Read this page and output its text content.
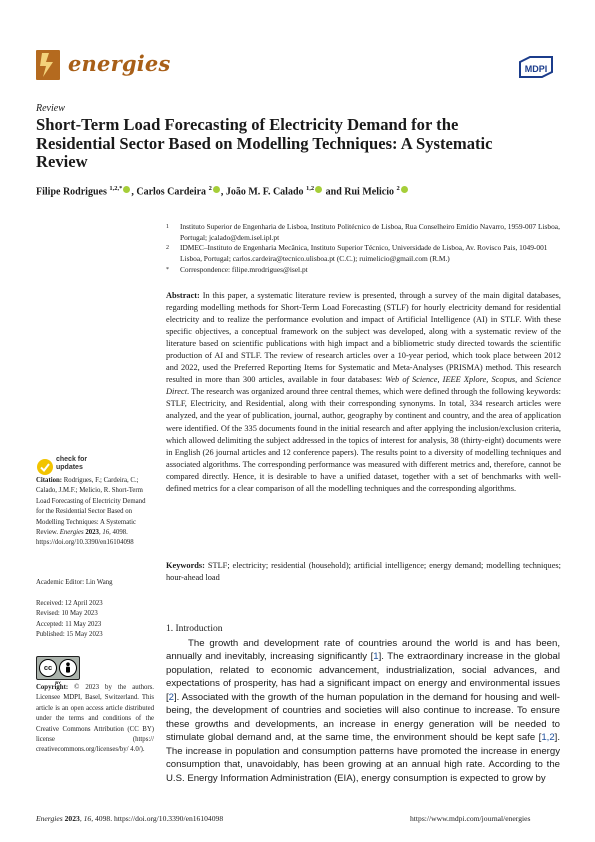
energies	MDPI
Review
Short-Term Load Forecasting of Electricity Demand for the Residential Sector Based on Modelling Techniques: A Systematic Review
Filipe Rodrigues $^{1,2,*}$ , Carlos Cardeira $^2$ , João M. F. Calado $^{1,2}$ and Rui Melicio $^2$
1 Instituto Superior de Engenharia de Lisboa, Instituto Politécnico de Lisboa, Rua Conselheiro Emídio Navarro, 1959-007 Lisboa, Portugal; jcalado@dem.isel.ipl.pt
2 IDMEC–Instituto de Engenharia Mecânica, Instituto Superior Técnico, Universidade de Lisboa, Av. Rovisco Pais, 1049-001 Lisboa, Portugal; carlos.cardeira@tecnico.ulisboa.pt (C.C.); ruimelicio@gmail.com (R.M.)
* Correspondence: filipe.mrodrigues@isel.pt
Abstract: In this paper, a systematic literature review is presented, through a survey of the main digital databases, regarding modelling methods for Short-Term Load Forecasting (STLF) for hourly electricity demand for residential electricity and to realize the performance evolution and impact of Artificial Intelligence (AI) in STLF. With these specific objectives, a conceptual framework on the subject was developed, along with a systematic review of the literature based on scientific publications with high impact and a bibliometric study directed towards the scientific production of AI and STLF. The review of research articles over a 10-year period, which took place between 2012 and 2022, used the Preferred Reporting Items for Systematic and Meta-Analyses (PRISMA) method. This research resulted in more than 300 articles, available in four databases: Web of Science, IEEE Xplore, Scopus, and Science Direct. The research was organized around three central themes, which were defined through the following keywords: STLF, Electricity, and Residential, along with their corresponding synonyms. In total, 334 research articles were analyzed, and the year of publication, journal, author, geography by continent and country, and the area of application were identified. Of the 335 documents found in the initial research and after applying the inclusion/exclusion criteria, which allowed delimiting the subject addressed in the topics of interest for analysis, 38 (thirty-eight) documents were in English (26 journal articles and 12 conference papers). The results point to a diversity of modelling techniques and associated algorithms. The corresponding performance was measured with different metrics and, therefore, cannot be compared directly. Hence, it is desirable to have a unified dataset, together with a set of benchmarks with well-defined metrics for a clear comparison of all the modelling techniques and the corresponding algorithms.
Keywords: STLF; electricity; residential (household); artificial intelligence; energy demand; modelling techniques; hour-ahead load
check for
updates
Citation: Rodrigues, F.; Cardeira, C.; Calado, J.M.F.; Melicio, R. Short-Term Load Forecasting of Electricity Demand for the Residential Sector Based on Modelling Techniques: A Systematic Review. Energies 2023, 16, 4098. https://doi.org/10.3390/en16104098
Academic Editor: Lin Wang
Received: 12 April 2023
Revised: 10 May 2023
Accepted: 11 May 2023
Published: 15 May 2023
cc
BY
Copyright: © 2023 by the authors. Licensee MDPI, Basel, Switzerland. This article is an open access article distributed under the terms and conditions of the Creative Commons Attribution (CC BY) license (https:// creativecommons.org/licenses/by/ 4.0/).
1. Introduction
The growth and development rate of countries around the world is and has been, annually and inevitably, increasing significantly [1]. The extraordinary increase in the global population, related to economic advancement, industrialization, social advances, and expectations of prosperity, has had a significant impact on energy and environmental issues [2]. Associated with the growth of the human population in the demand for housing and well-being, the development of countries and societies will also continue to increase. To ensure these growths and developments, an increase in energy generation will be needed to stimulate global demand and, at the same time, the environment should be kept safe [1,2]. The increase in population and consumption patterns have promoted the increase in energy consumption that, unavoidably, has been growing at an annual high rate. According to the U.S. Energy Information Administration (EIA), energy consumption is expected to grow by
Energies 2023, 16, 4098. https://doi.org/10.3390/en16104098	https://www.mdpi.com/journal/energies
